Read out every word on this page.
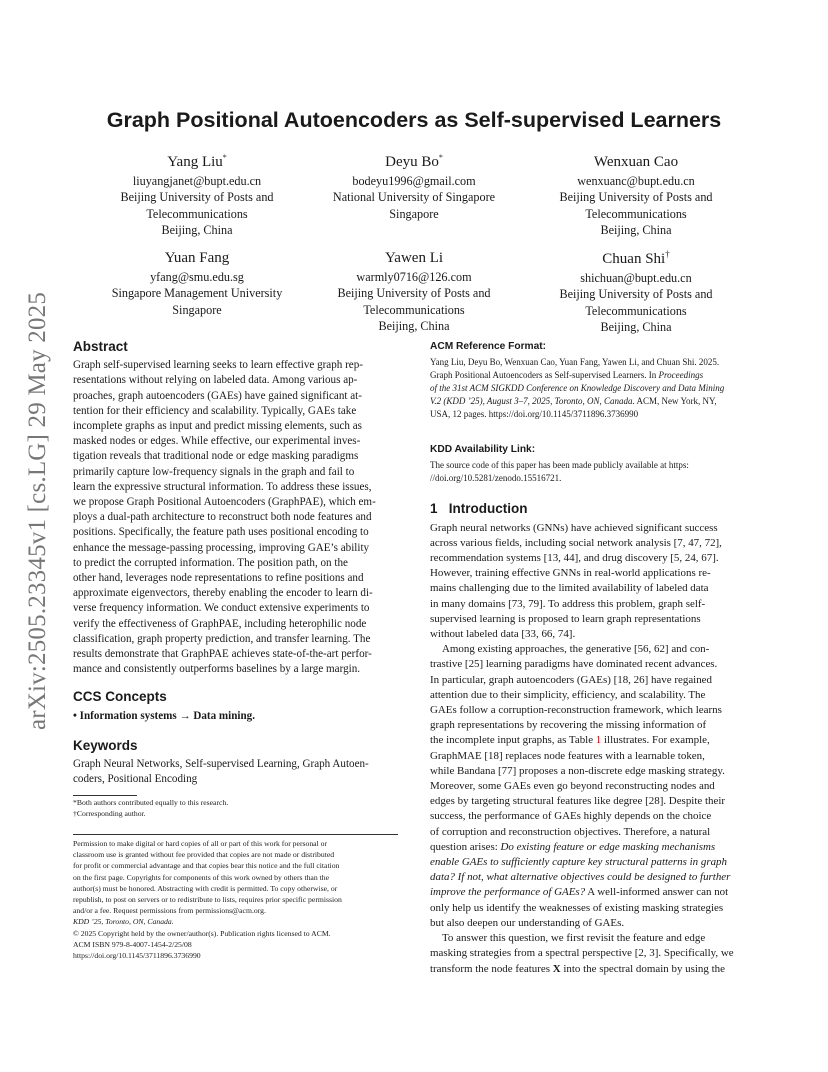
arXiv:2505.23345v1 [cs.LG] 29 May 2025
Graph Positional Autoencoders as Self-supervised Learners
Yang Liu*
liuyangjanet@bupt.edu.cn
Beijing University of Posts and
Telecommunications
Beijing, China
Deyu Bo*
bodeyu1996@gmail.com
National University of Singapore
Singapore
Wenxuan Cao
wenxuanc@bupt.edu.cn
Beijing University of Posts and
Telecommunications
Beijing, China
Yuan Fang
yfang@smu.edu.sg
Singapore Management University
Singapore
Yawen Li
warmly0716@126.com
Beijing University of Posts and
Telecommunications
Beijing, China
Chuan Shi†
shichuan@bupt.edu.cn
Beijing University of Posts and
Telecommunications
Beijing, China
Abstract
Graph self-supervised learning seeks to learn effective graph rep-
resentations without relying on labeled data. Among various ap-
proaches, graph autoencoders (GAEs) have gained significant at-
tention for their efficiency and scalability. Typically, GAEs take
incomplete graphs as input and predict missing elements, such as
masked nodes or edges. While effective, our experimental inves-
tigation reveals that traditional node or edge masking paradigms
primarily capture low-frequency signals in the graph and fail to
learn the expressive structural information. To address these issues,
we propose Graph Positional Autoencoders (GraphPAE), which em-
ploys a dual-path architecture to reconstruct both node features and
positions. Specifically, the feature path uses positional encoding to
enhance the message-passing processing, improving GAE’s ability
to predict the corrupted information. The position path, on the
other hand, leverages node representations to refine positions and
approximate eigenvectors, thereby enabling the encoder to learn di-
verse frequency information. We conduct extensive experiments to
verify the effectiveness of GraphPAE, including heterophilic node
classification, graph property prediction, and transfer learning. The
results demonstrate that GraphPAE achieves state-of-the-art perfor-
mance and consistently outperforms baselines by a large margin.
CCS Concepts
• Information systems → Data mining.
Keywords
Graph Neural Networks, Self-supervised Learning, Graph Autoen-
coders, Positional Encoding
*Both authors contributed equally to this research.
†Corresponding author.
Permission to make digital or hard copies of all or part of this work for personal or
classroom use is granted without fee provided that copies are not made or distributed
for profit or commercial advantage and that copies bear this notice and the full citation
on the first page. Copyrights for components of this work owned by others than the
author(s) must be honored. Abstracting with credit is permitted. To copy otherwise, or
republish, to post on servers or to redistribute to lists, requires prior specific permission
and/or a fee. Request permissions from permissions@acm.org.
KDD ’25, Toronto, ON, Canada.
© 2025 Copyright held by the owner/author(s). Publication rights licensed to ACM.
ACM ISBN 979-8-4007-1454-2/25/08
https://doi.org/10.1145/3711896.3736990
ACM Reference Format:
Yang Liu, Deyu Bo, Wenxuan Cao, Yuan Fang, Yawen Li, and Chuan Shi. 2025.
Graph Positional Autoencoders as Self-supervised Learners. In Proceedings
of the 31st ACM SIGKDD Conference on Knowledge Discovery and Data Mining
V.2 (KDD ’25), August 3–7, 2025, Toronto, ON, Canada. ACM, New York, NY,
USA, 12 pages. https://doi.org/10.1145/3711896.3736990
KDD Availability Link:
The source code of this paper has been made publicly available at https:
//doi.org/10.5281/zenodo.15516721.
1 Introduction
Graph neural networks (GNNs) have achieved significant success
across various fields, including social network analysis [7, 47, 72],
recommendation systems [13, 44], and drug discovery [5, 24, 67].
However, training effective GNNs in real-world applications re-
mains challenging due to the limited availability of labeled data
in many domains [73, 79]. To address this problem, graph self-
supervised learning is proposed to learn graph representations
without labeled data [33, 66, 74].
Among existing approaches, the generative [56, 62] and con-
trastive [25] learning paradigms have dominated recent advances.
In particular, graph autoencoders (GAEs) [18, 26] have regained
attention due to their simplicity, efficiency, and scalability. The
GAEs follow a corruption-reconstruction framework, which learns
graph representations by recovering the missing information of
the incomplete input graphs, as Table 1 illustrates. For example,
GraphMAE [18] replaces node features with a learnable token,
while Bandana [77] proposes a non-discrete edge masking strategy.
Moreover, some GAEs even go beyond reconstructing nodes and
edges by targeting structural features like degree [28]. Despite their
success, the performance of GAEs highly depends on the choice
of corruption and reconstruction objectives. Therefore, a natural
question arises: Do existing feature or edge masking mechanisms
enable GAEs to sufficiently capture key structural patterns in graph
data? If not, what alternative objectives could be designed to further
improve the performance of GAEs? A well-informed answer can not
only help us identify the weaknesses of existing masking strategies
but also deepen our understanding of GAEs.
To answer this question, we first revisit the feature and edge
masking strategies from a spectral perspective [2, 3]. Specifically, we
transform the node features X into the spectral domain by using the
